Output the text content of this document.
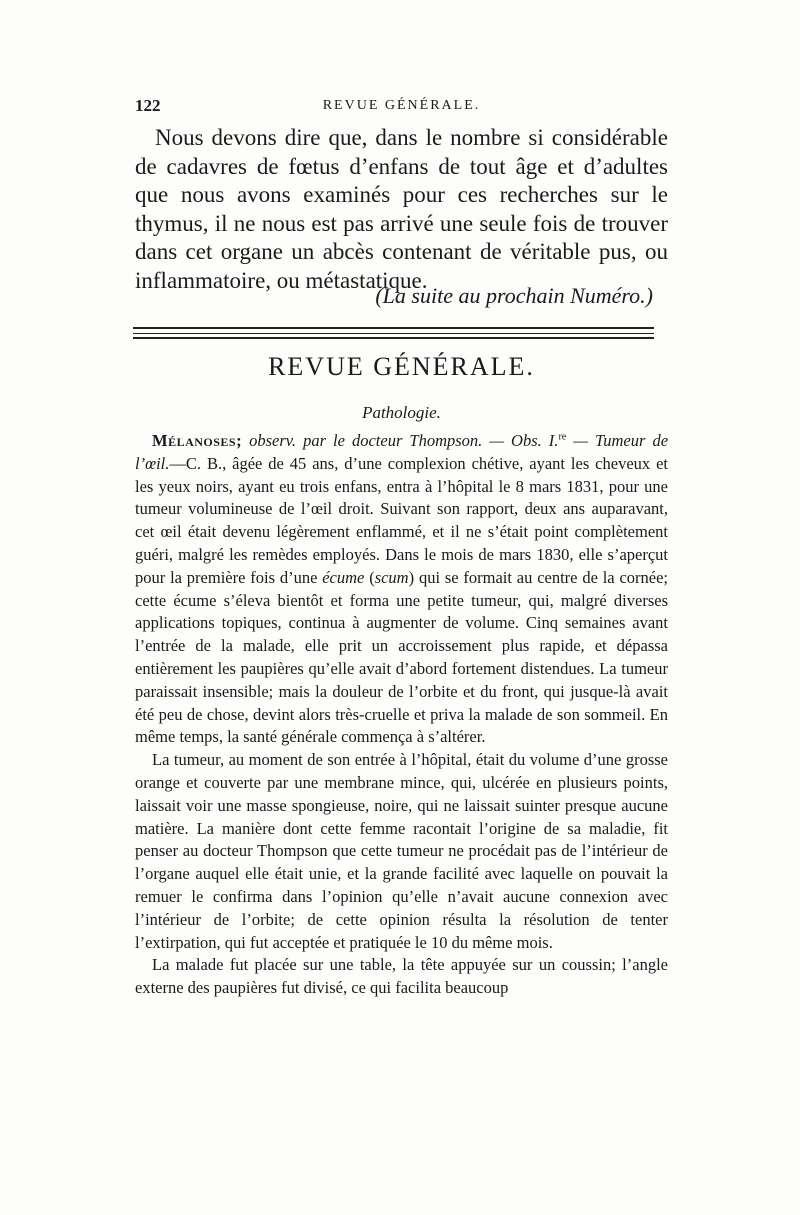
122	REVUE GÉNÉRALE.

Nous devons dire que, dans le nombre si considérable de cadavres de fœtus d’enfans de tout âge et d’adultes que nous avons examinés pour ces recherches sur le thymus, il ne nous est pas arrivé une seule fois de trouver dans cet organe un abcès contenant de véritable pus, ou inflammatoire, ou métastatique.

(La suite au prochain Numéro.)
REVUE GÉNÉRALE.
Pathologie.

Mélanoses; observ. par le docteur Thompson. — Obs. I.$^{re}$ — Tumeur de l’œil.—C. B., âgée de 45 ans, d’une complexion chétive, ayant les cheveux et les yeux noirs, ayant eu trois enfans, entra à l’hôpital le 8 mars 1831, pour une tumeur volumineuse de l’œil droit. Suivant son rapport, deux ans auparavant, cet œil était devenu légèrement enflammé, et il ne s’était point complètement guéri, malgré les remèdes employés. Dans le mois de mars 1830, elle s’aperçut pour la première fois d’une écume (scum) qui se formait au centre de la cornée; cette écume s’éleva bientôt et forma une petite tumeur, qui, malgré diverses applications topiques, continua à augmenter de volume. Cinq semaines avant l’entrée de la malade, elle prit un accroissement plus rapide, et dépassa entièrement les paupières qu’elle avait d’abord fortement distendues. La tumeur paraissait insensible; mais la douleur de l’orbite et du front, qui jusque-là avait été peu de chose, devint alors très-cruelle et priva la malade de son sommeil. En même temps, la santé générale commença à s’altérer.

La tumeur, au moment de son entrée à l’hôpital, était du volume d’une grosse orange et couverte par une membrane mince, qui, ulcérée en plusieurs points, laissait voir une masse spongieuse, noire, qui ne laissait suinter presque aucune matière. La manière dont cette femme racontait l’origine de sa maladie, fit penser au docteur Thompson que cette tumeur ne procédait pas de l’intérieur de l’organe auquel elle était unie, et la grande facilité avec laquelle on pouvait la remuer le confirma dans l’opinion qu’elle n’avait aucune connexion avec l’intérieur de l’orbite; de cette opinion résulta la résolution de tenter l’extirpation, qui fut acceptée et pratiquée le 10 du même mois.

La malade fut placée sur une table, la tête appuyée sur un coussin; l’angle externe des paupières fut divisé, ce qui facilita beaucoup
